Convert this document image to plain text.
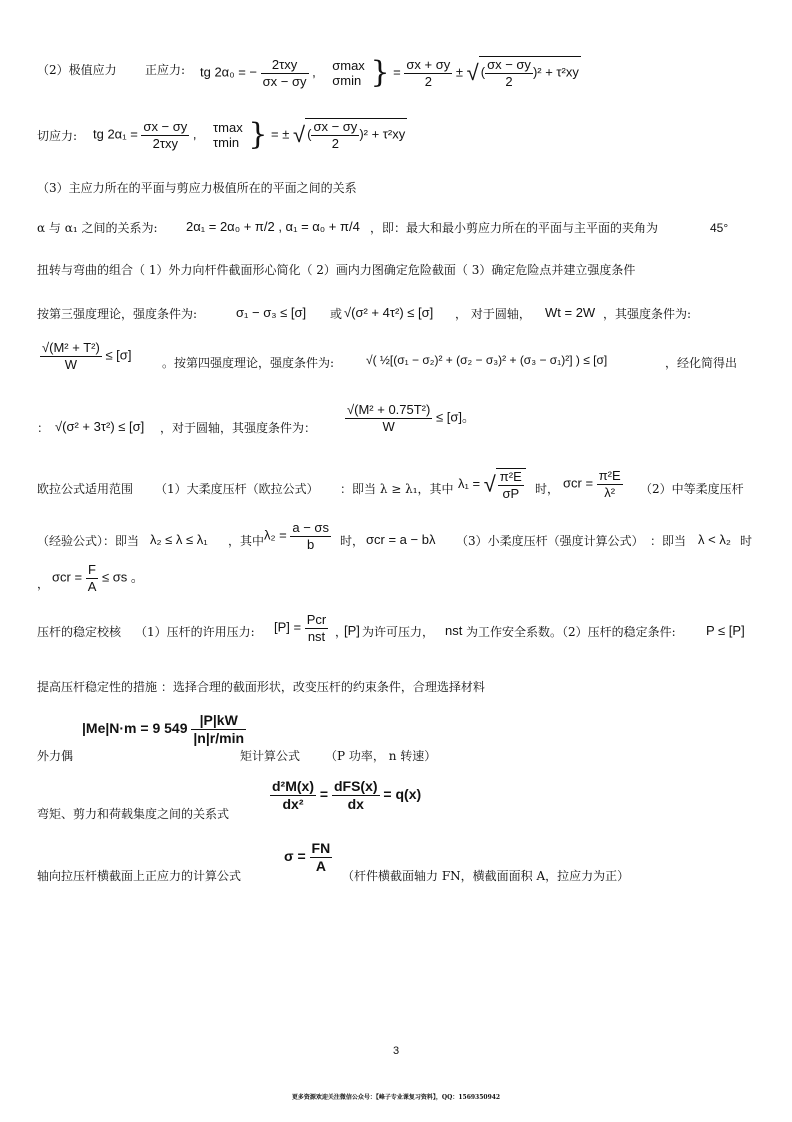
（2）极值应力 正应力: tg 2α₀ = − $\frac{\text{2τxy}}{\sigma x - \sigma y}$ , σmax
σmin } = $\frac{\sigma x + \sigma y}{2}$ ± √ ( $\frac{\sigma x - \sigma y}{2} )^2 + \tau^2xy$
切应力: tg $2\alpha_1 = \frac{\sigma x - \sigma y}{\text{2τxy}}$ , τmax
τmin } = ± √ ( $\frac{\sigma x - \sigma y}{2} )^2 + \tau^2xy$
（3）主应力所在的平面与剪应力极值所在的平面之间的关系
α 与 α₁ 之间的关系为: 2α₁ = 2α₀ + π/2 , α₁ = α₀ + π/4 ，即：最大和最小剪应力所在的平面与主平面的夹角为	45°
扭转与弯曲的组合（ 1）外力向杆件截面形心简化（ 2）画内力图确定危险截面（ 3）确定危险点并建立强度条件
按第三强度理论，强度条件为:	σ₁ − σ₃ ≤ [σ] 或 √(σ² + 4τ²) ≤ [σ] ， 对于圆轴， Wt = 2W ，其强度条件为:
$\frac{\text{√(M² + T²)}}{W} \le [\sigma]$
。按第四强度理论，强度条件为:	√( ½[(σ₁ − σ₂)² + (σ₂ − σ₃)² + (σ₃ − σ₁)²] ) ≤ [σ]	，经化简得出
： √(σ² + 3τ²) ≤ [σ] ，对于圆轴，其强度条件为： $\frac{\text{√(M² + 0.75T²)}}{W} \le [\sigma]$。
欧拉公式适用范围 （1）大柔度压杆（欧拉公式） ：即当 λ ≥ λ₁，其中 λ₁ = √ $\frac{\text{π²E}}{\sigma P}$ 时， $\sigma cr = \frac{\text{π²E}}{\text{λ²}} (2)$中等柔度压杆
（经验公式）：即当 λ₂ ≤ λ ≤ λ₁ ，其中 $\lambda_2 = \frac{a - \sigma s}{b}$ 时， σcr = a − bλ （3）小柔度压杆（强度计算公式） ：即当 λ < λ₂ 时
， $\sigma cr = \frac{F}{A} \le \sigma s$ 。
压杆的稳定校核 （1）压杆的许用压力: $[P] = \frac{\text{Pcr}}{\text{nst}}$ ，
[P] 为许可压力， nst 为工作安全系数。（2）压杆的稳定条件: P ≤ [P]
提高压杆稳定性的措施 ：选择合理的截面形状，改变压杆的约束条件，合理选择材料
|Me|N·m = 9 $549 \frac{|P|kW}{|n|r/\min}$
外力偶	矩计算公式 （P 功率， n 转速）
弯矩、剪力和荷载集度之间的关系式
$\frac{\text{d²M(x)}}{\text{dx²}} = \frac{\text{dFS(x)}}{dx} = q(x)$
轴向拉压杆横截面上正应力的计算公式
$\sigma = \frac{FN}{A}$
（杆件横截面轴力 FN，横截面面积 A，拉应力为正）
3
更多资源欢迎关注微信公众号：【峰子专业课复习资料】，QQ：1569350942
